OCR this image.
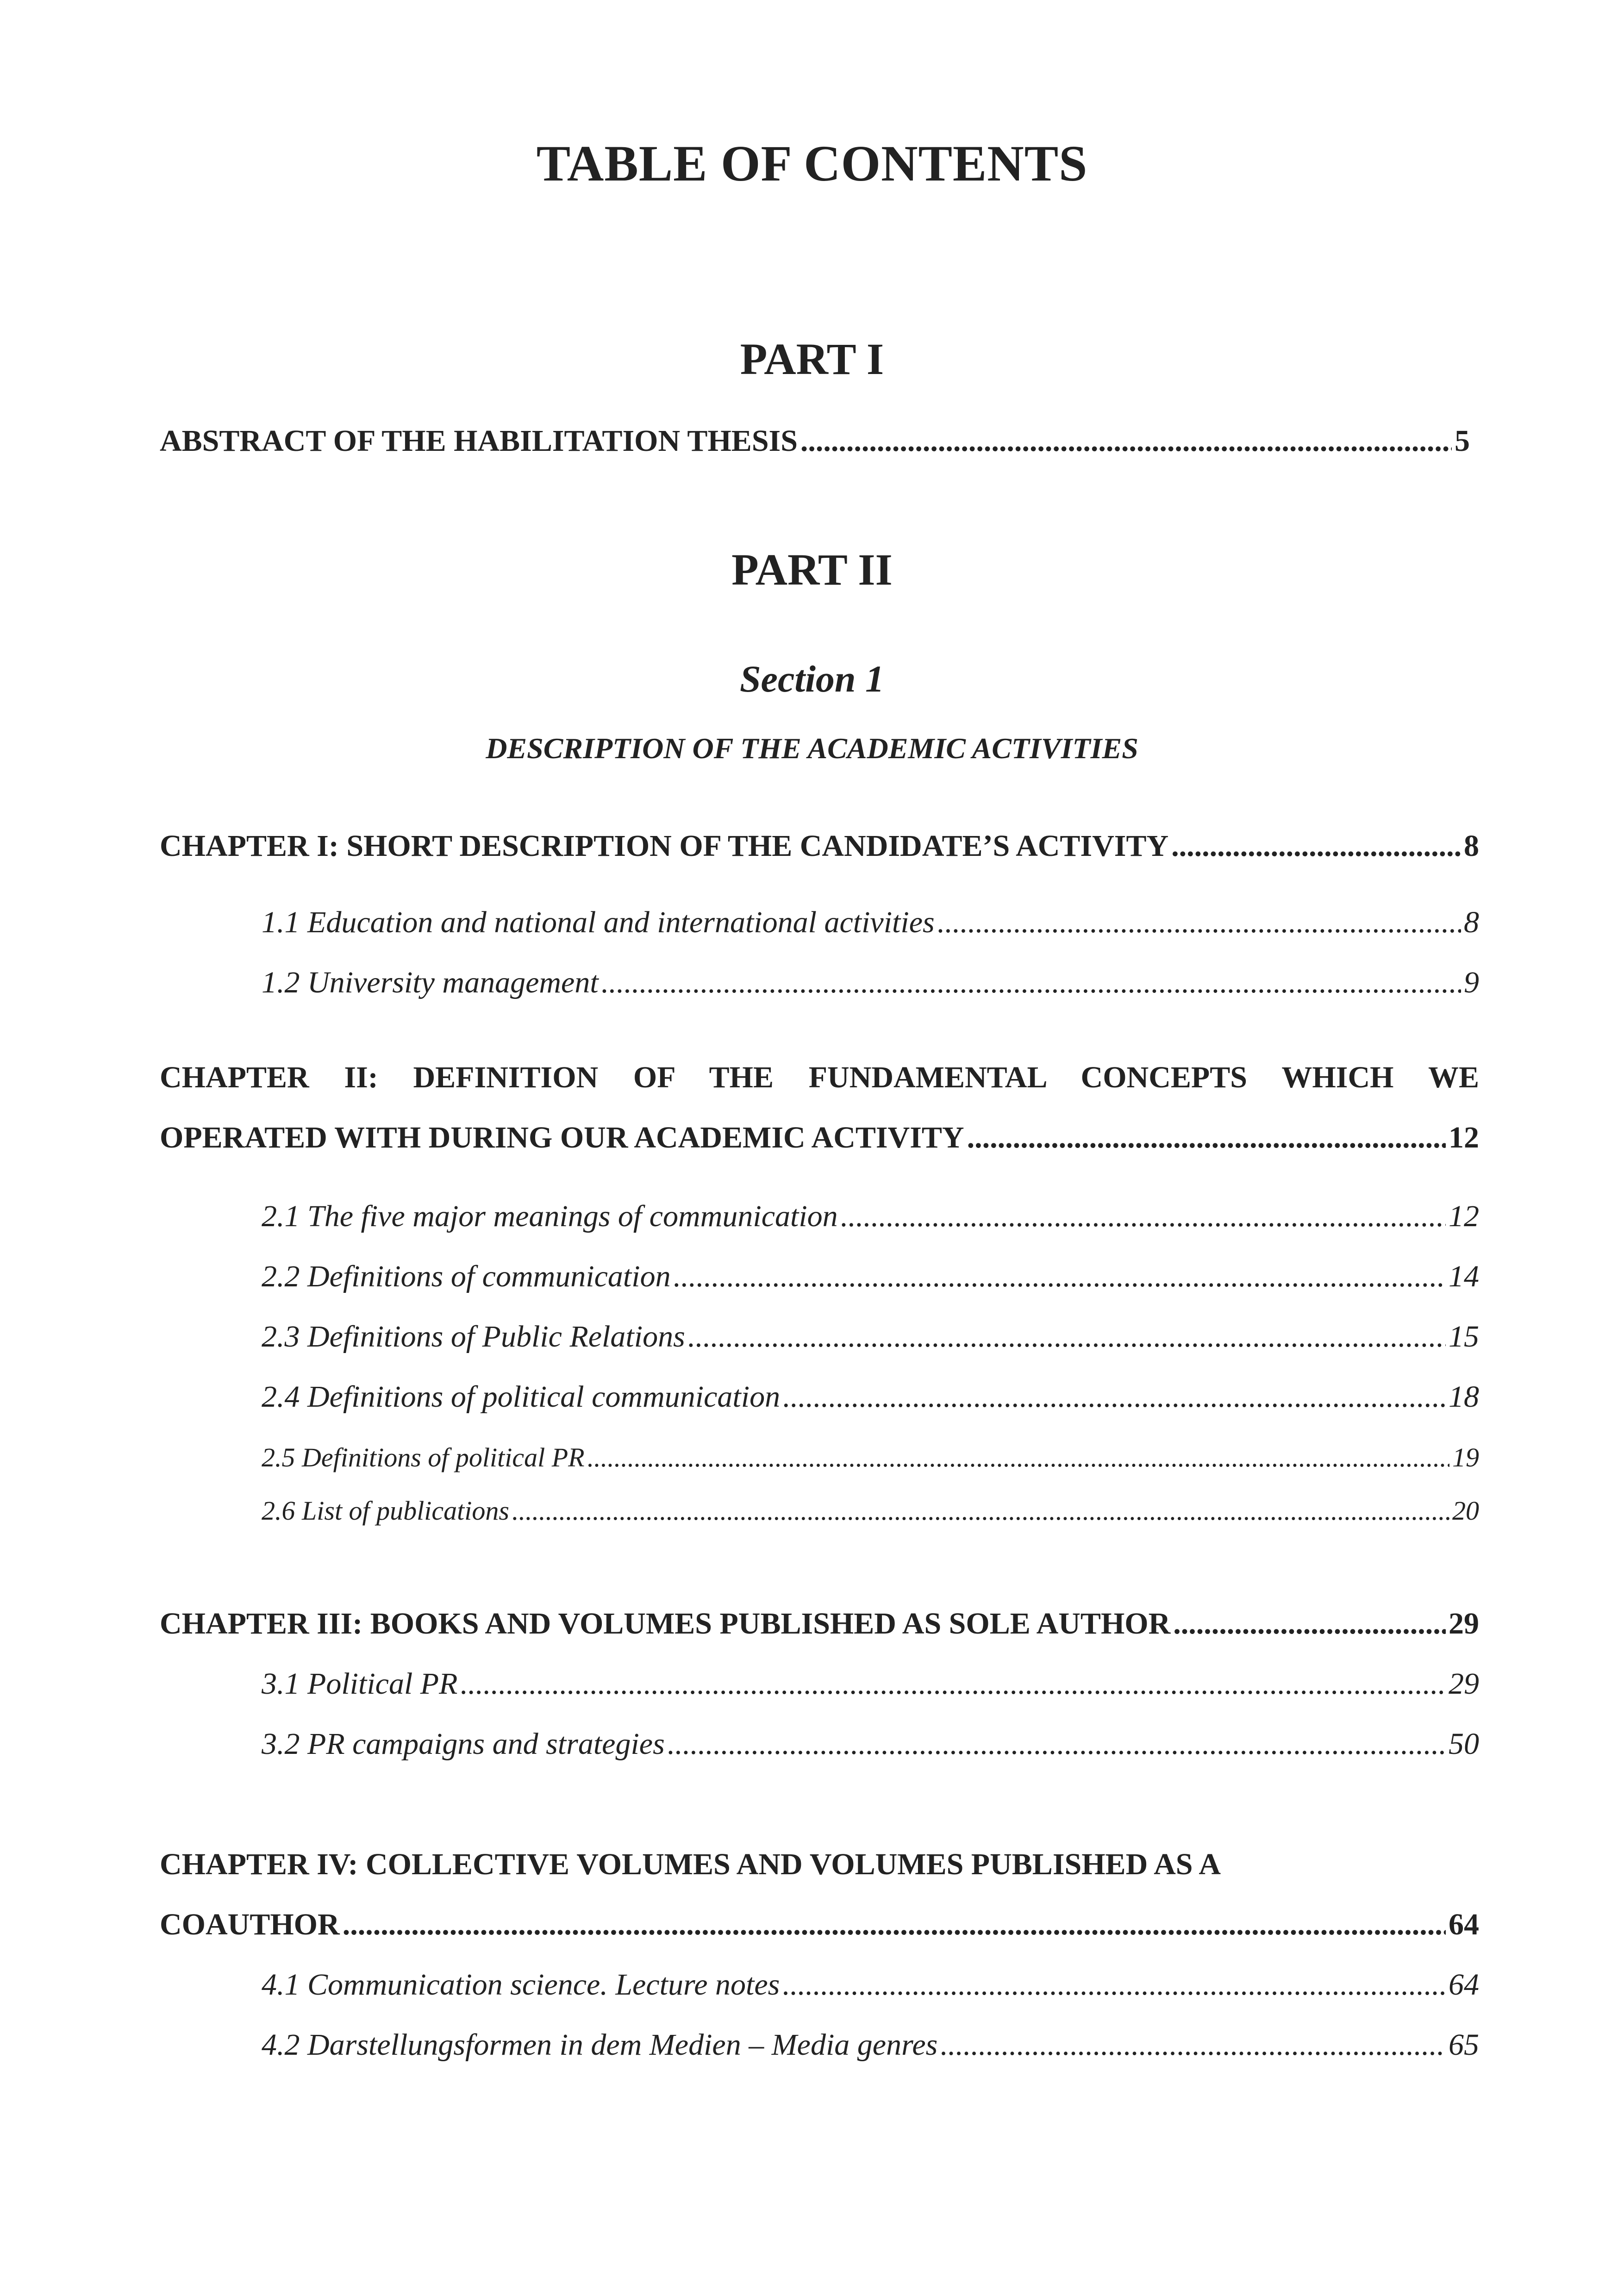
TABLE OF CONTENTS
PART I
ABSTRACT OF THE HABILITATION THESIS .....	5
PART II
Section 1
DESCRIPTION OF THE ACADEMIC ACTIVITIES
CHAPTER I: SHORT DESCRIPTION OF THE CANDIDATE’S ACTIVITY .....	8
1.1 Education and national and international activities .....	8
1.2 University management .....	9
CHAPTER II: DEFINITION OF THE FUNDAMENTAL CONCEPTS WHICH WE
OPERATED WITH DURING OUR ACADEMIC ACTIVITY .....	12
2.1 The five major meanings of communication .....	12
2.2 Definitions of communication .....	14
2.3 Definitions of Public Relations .....	15
2.4 Definitions of political communication .....	18
2.5 Definitions of political PR .....	19
2.6 List of publications .....	20
CHAPTER III: BOOKS AND VOLUMES PUBLISHED AS SOLE AUTHOR .....	29
3.1 Political PR .....	29
3.2 PR campaigns and strategies .....	50
CHAPTER IV: COLLECTIVE VOLUMES AND VOLUMES PUBLISHED AS A
COAUTHOR .....	64
4.1 Communication science. Lecture notes .....	64
4.2 Darstellungsformen in dem Medien – Media genres .....	65
